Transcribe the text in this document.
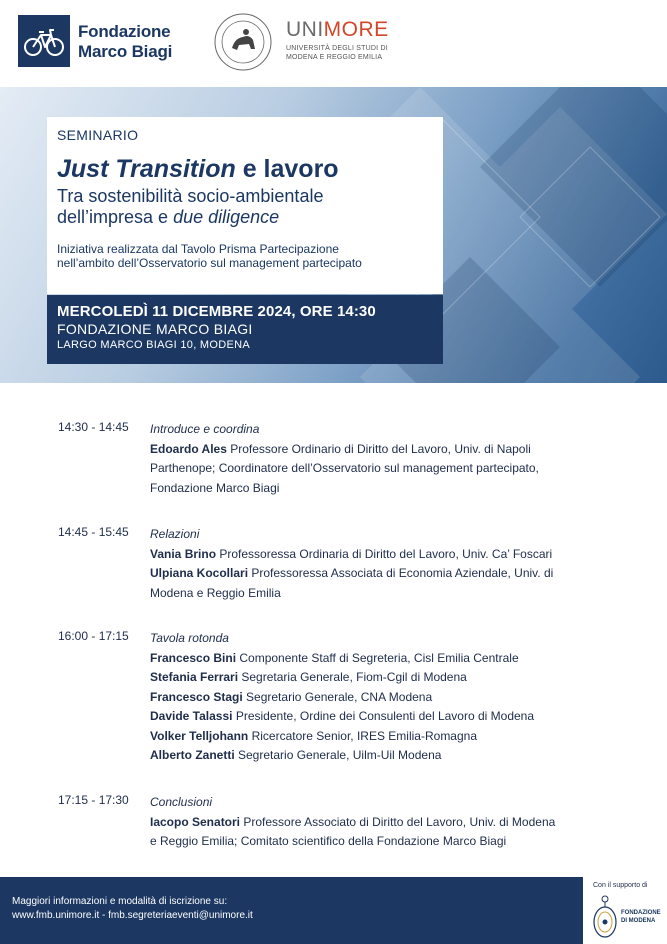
Fondazione
Marco Biagi
UNIMORE
UNIVERSITÀ DEGLI STUDI DI
MODENA E REGGIO EMILIA
SEMINARIO
Just Transition e lavoro
Tra sostenibilità socio-ambientale
dell’impresa e due diligence
Iniziativa realizzata dal Tavolo Prisma Partecipazione
nell’ambito dell’Osservatorio sul management partecipato
MERCOLEDÌ 11 DICEMBRE 2024, ORE 14:30
FONDAZIONE MARCO BIAGI
LARGO MARCO BIAGI 10, MODENA
14:30 - 14:45 Introduce e coordina
Edoardo Ales Professore Ordinario di Diritto del Lavoro, Univ. di Napoli
Parthenope; Coordinatore dell’Osservatorio sul management partecipato,
Fondazione Marco Biagi
14:45 - 15:45 Relazioni
Vania Brino Professoressa Ordinaria di Diritto del Lavoro, Univ. Ca’ Foscari
Ulpiana Kocollari Professoressa Associata di Economia Aziendale, Univ. di
Modena e Reggio Emilia
16:00 - 17:15 Tavola rotonda
Francesco Bini Componente Staff di Segreteria, Cisl Emilia Centrale
Stefania Ferrari Segretaria Generale, Fiom-Cgil di Modena
Francesco Stagi Segretario Generale, CNA Modena
Davide Talassi Presidente, Ordine dei Consulenti del Lavoro di Modena
Volker Telljohann Ricercatore Senior, IRES Emilia-Romagna
Alberto Zanetti Segretario Generale, Uilm-Uil Modena
17:15 - 17:30 Conclusioni
Iacopo Senatori Professore Associato di Diritto del Lavoro, Univ. di Modena
e Reggio Emilia; Comitato scientifico della Fondazione Marco Biagi
Maggiori informazioni e modalità di iscrizione su:
www.fmb.unimore.it - fmb.segreteriaeventi@unimore.it
Con il supporto di
FONDAZIONE
DI MODENA
